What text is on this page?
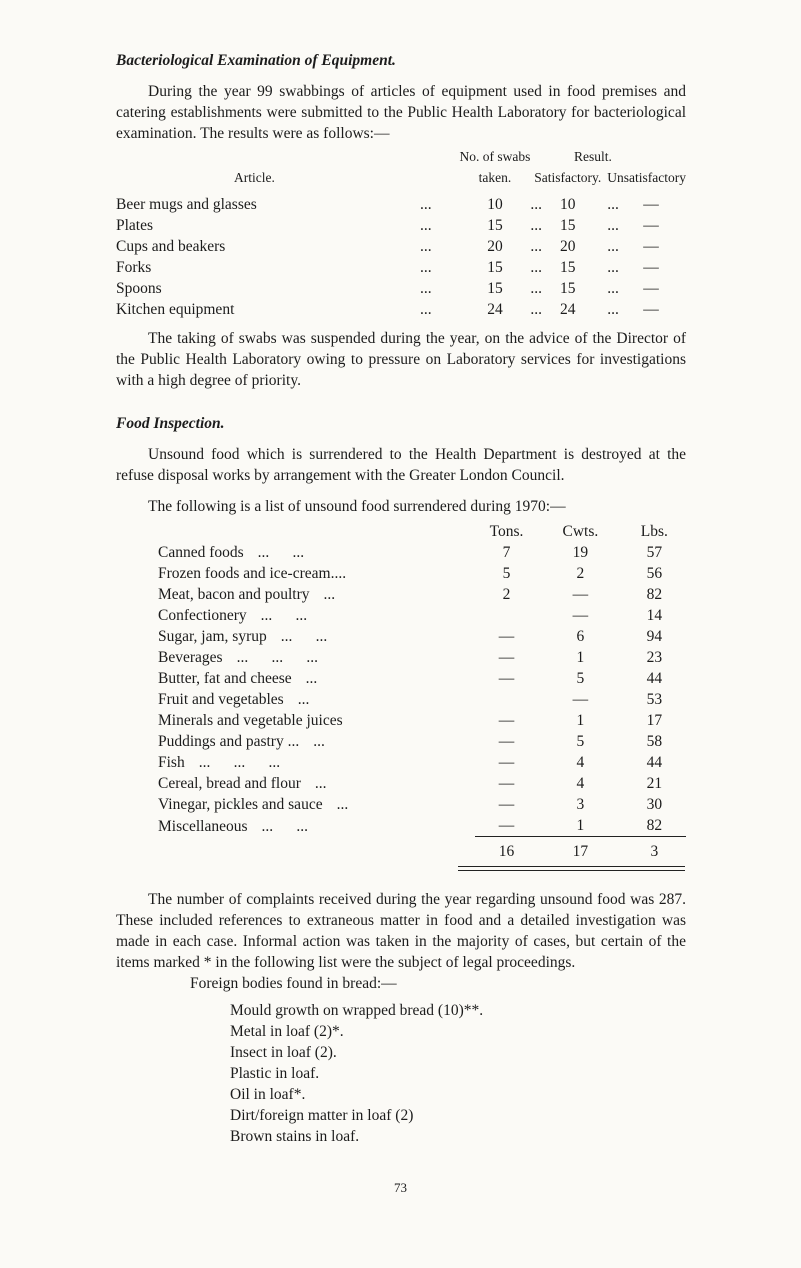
Bacteriological Examination of Equipment.

During the year 99 swabbings of articles of equipment used in food premises and catering establishments were submitted to the Public Health Laboratory for bacteriological examination. The results were as follows:—

		No. of swabs		Result.		
Article.		taken.	Satisfactory.		Unsatisfactory	

Beer mugs and glasses	...	10	...	10	...	—
Plates	...	15	...	15	...	—
Cups and beakers	...	20	...	20	...	—
Forks	...	15	...	15	...	—
Spoons	...	15	...	15	...	—
Kitchen equipment	...	24	...	24	...	—

The taking of swabs was suspended during the year, on the advice of the Director of the Public Health Laboratory owing to pressure on Laboratory services for investigations with a high degree of priority.

Food Inspection.

Unsound food which is surrendered to the Health Department is destroyed at the refuse disposal works by arrangement with the Greater London Council.

The following is a list of unsound food surrendered during 1970:—

	Tons.	Cwts.	Lbs.
Canned foods ...      ...	7	19	57
Frozen foods and ice-cream....	5	2	56
Meat, bacon and poultry ...	2	—	82
Confectionery ...      ...		—	14
Sugar, jam, syrup ...      ...	—	6	94
Beverages ...      ...      ...	—	1	23
Butter, fat and cheese ...	—	5	44
Fruit and vegetables ...		—	53
Minerals and vegetable juices	—	1	17
Puddings and pastry ... ...	—	5	58
Fish ...      ...      ...	—	4	44
Cereal, bread and flour ...	—	4	21
Vinegar, pickles and sauce ...	—	3	30
Miscellaneous ...      ...	—	1	82
	16	17	3

The number of complaints received during the year regarding unsound food was 287. These included references to extraneous matter in food and a detailed investigation was made in each case. Informal action was taken in the majority of cases, but certain of the items marked * in the following list were the subject of legal proceedings.

Foreign bodies found in bread:—
Mould growth on wrapped bread (10)**.
Metal in loaf (2)*.
Insect in loaf (2).
Plastic in loaf.
Oil in loaf*.
Dirt/foreign matter in loaf (2)
Brown stains in loaf.
73
